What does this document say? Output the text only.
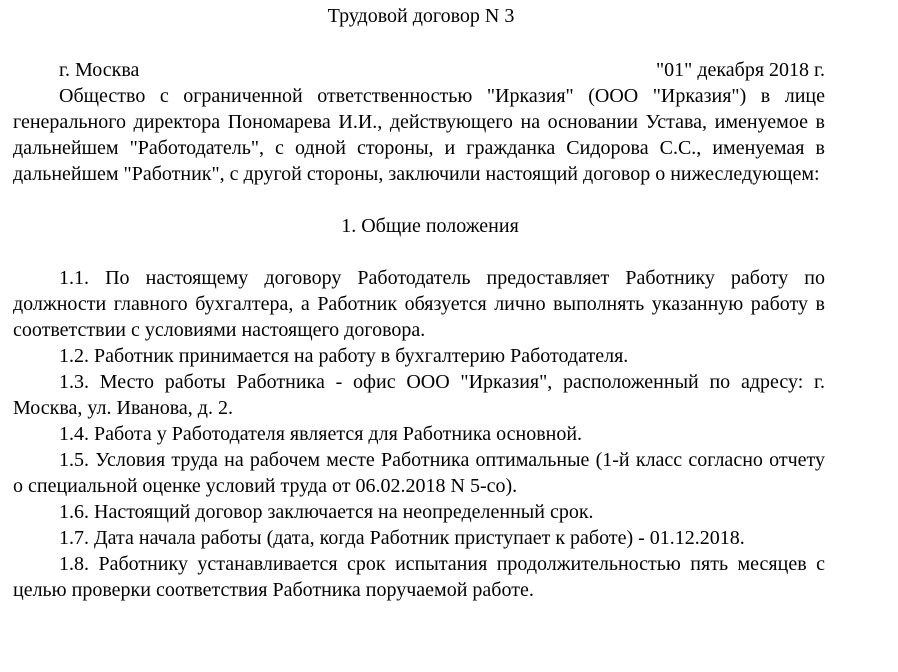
Трудовой договор N 3
г. Москва	"01" декабря 2018 г.

Общество с ограниченной ответственностью "Ирказия" (ООО "Ирказия") в лице генерального директора Пономарева И.И., действующего на основании Устава, именуемое в дальнейшем "Работодатель", с одной стороны, и гражданка Сидорова С.С., именуемая в дальнейшем "Работник", с другой стороны, заключили настоящий договор о нижеследующем:

1. Общие положения

1.1. По настоящему договору Работодатель предоставляет Работнику работу по должности главного бухгалтера, а Работник обязуется лично выполнять указанную работу в соответствии с условиями настоящего договора.

1.2. Работник принимается на работу в бухгалтерию Работодателя.

1.3. Место работы Работника - офис ООО "Ирказия", расположенный по адресу: г. Москва, ул. Иванова, д. 2.

1.4. Работа у Работодателя является для Работника основной.

1.5. Условия труда на рабочем месте Работника оптимальные (1-й класс согласно отчету о специальной оценке условий труда от 06.02.2018 N 5-со).

1.6. Настоящий договор заключается на неопределенный срок.

1.7. Дата начала работы (дата, когда Работник приступает к работе) - 01.12.2018.

1.8. Работнику устанавливается срок испытания продолжительностью пять месяцев с целью проверки соответствия Работника поручаемой работе.
